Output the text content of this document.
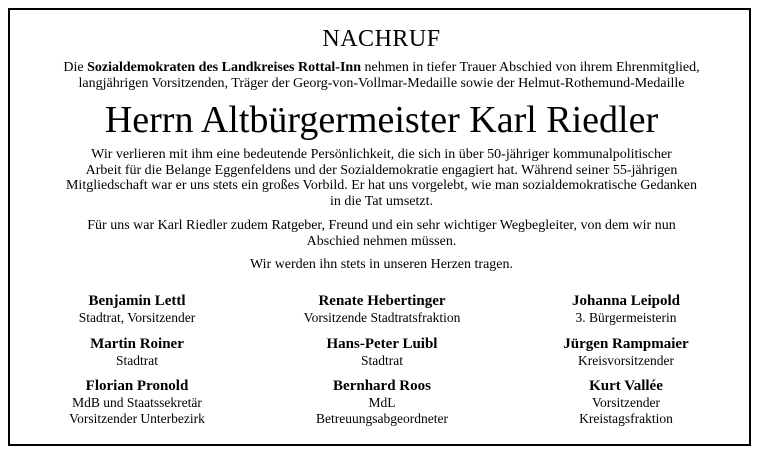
NACHRUF
Die Sozialdemokraten des Landkreises Rottal-Inn nehmen in tiefer Trauer Abschied von ihrem Ehrenmitglied,
langjährigen Vorsitzenden, Träger der Georg-von-Vollmar-Medaille sowie der Helmut-Rothemund-Medaille
Herrn Altbürgermeister Karl Riedler
Wir verlieren mit ihm eine bedeutende Persönlichkeit, die sich in über 50-jähriger kommunalpolitischer
Arbeit für die Belange Eggenfeldens und der Sozialdemokratie engagiert hat. Während seiner 55-jährigen
Mitgliedschaft war er uns stets ein großes Vorbild. Er hat uns vorgelebt, wie man sozialdemokratische Gedanken
in die Tat umsetzt.
Für uns war Karl Riedler zudem Ratgeber, Freund und ein sehr wichtiger Wegbegleiter, von dem wir nun
Abschied nehmen müssen.
Wir werden ihn stets in unseren Herzen tragen.
Benjamin Lettl
Stadtrat, Vorsitzender
Renate Hebertinger
Vorsitzende Stadtratsfraktion
Johanna Leipold
3. Bürgermeisterin
Martin Roiner
Stadtrat
Hans-Peter Luibl
Stadtrat
Jürgen Rampmaier
Kreisvorsitzender
Florian Pronold
MdB und Staatssekretär
Vorsitzender Unterbezirk
Bernhard Roos
MdL
Betreuungsabgeordneter
Kurt Vallée
Vorsitzender
Kreistagsfraktion
